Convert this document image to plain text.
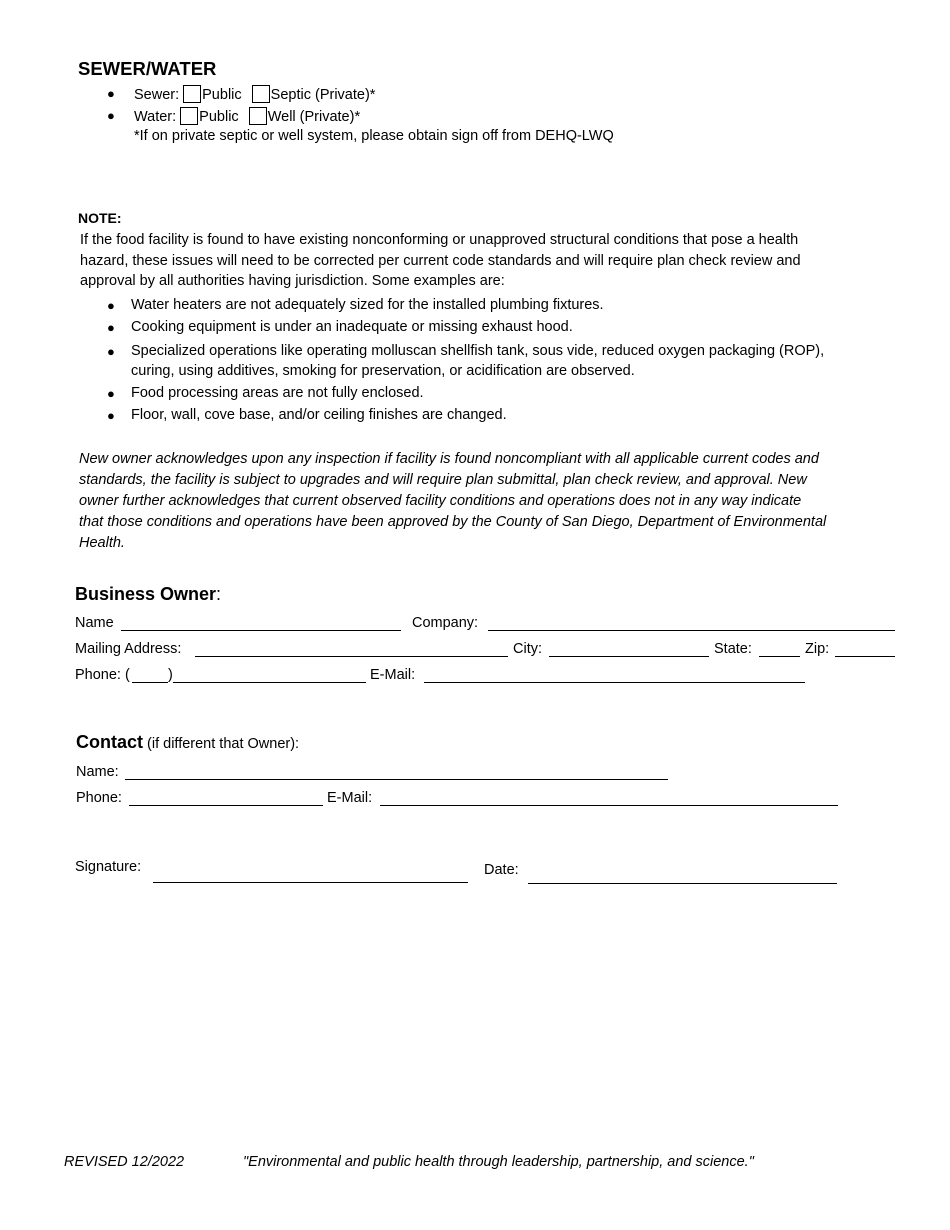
SEWER/WATER
● Sewer: Public Septic (Private)*
● Water: Public Well (Private)*
*If on private septic or well system, please obtain sign off from DEHQ-LWQ
NOTE:
If the food facility is found to have existing nonconforming or unapproved structural conditions that pose a health
hazard, these issues will need to be corrected per current code standards and will require plan check review and
approval by all authorities having jurisdiction. Some examples are:
● Water heaters are not adequately sized for the installed plumbing fixtures.
● Cooking equipment is under an inadequate or missing exhaust hood.
● Specialized operations like operating molluscan shellfish tank, sous vide, reduced oxygen packaging (ROP),
curing, using additives, smoking for preservation, or acidification are observed.
● Food processing areas are not fully enclosed.
● Floor, wall, cove base, and/or ceiling finishes are changed.
New owner acknowledges upon any inspection if facility is found noncompliant with all applicable current codes and
standards, the facility is subject to upgrades and will require plan submittal, plan check review, and approval. New
owner further acknowledges that current observed facility conditions and operations does not in any way indicate
that those conditions and operations have been approved by the County of San Diego, Department of Environmental
Health.
Business Owner:
Name	Company:
Mailing Address:	City:	State:	Zip:
Phone: (	)	E-Mail:
Contact (if different that Owner):
Name:
Phone:	E-Mail:
Signature:	Date:
REVISED 12/2022	"Environmental and public health through leadership, partnership, and science."
